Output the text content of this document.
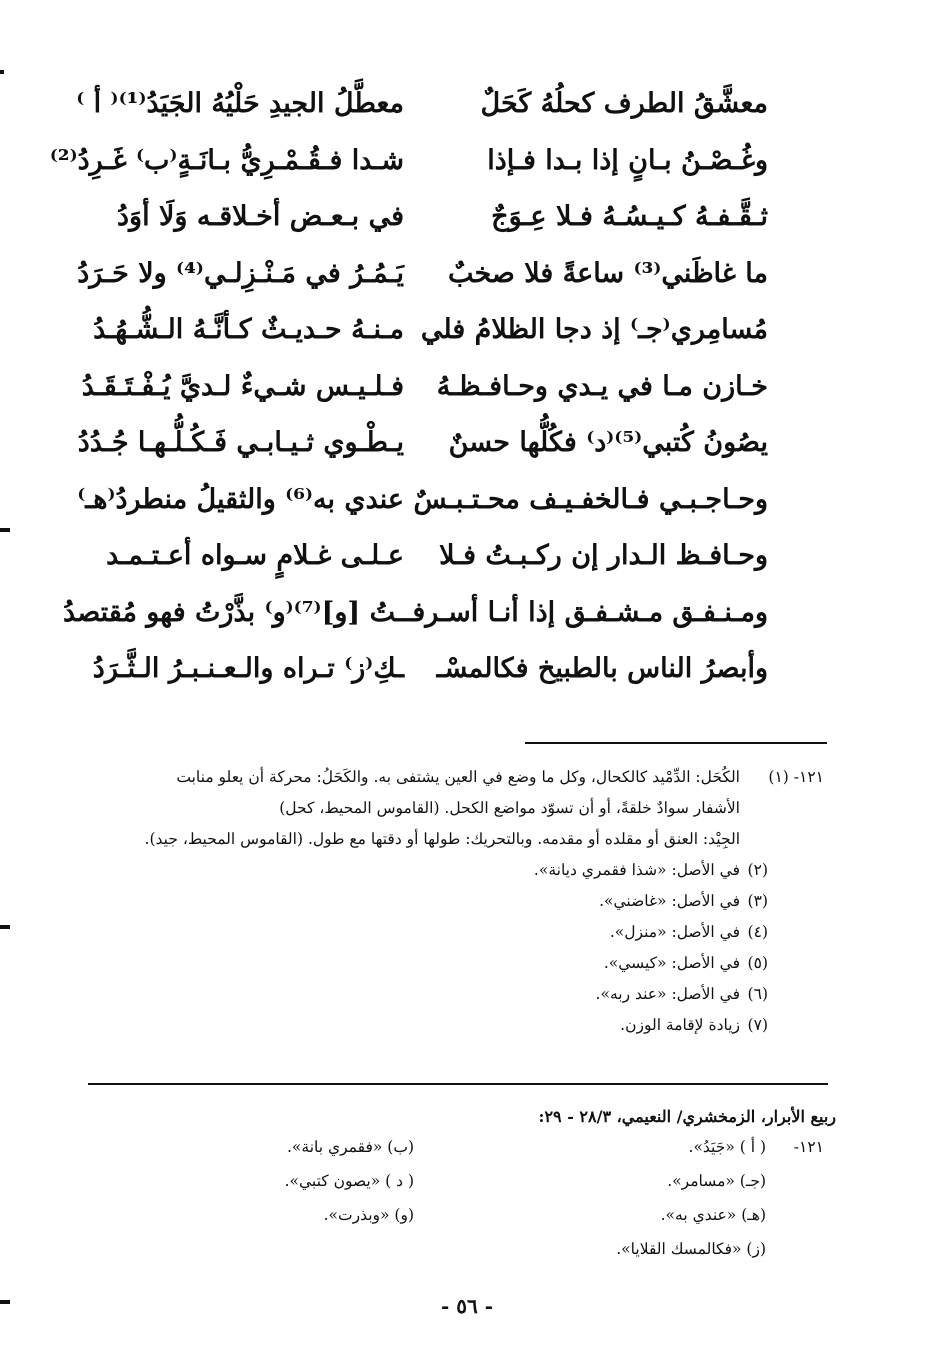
معشَّقُ الطرف كحلُهُ كَحَلٌ
معطَّلُ الجيدِ حَلْيُهُ الجَيَدُ⁽¹⁾⁽ أ ⁾
وغُـصْـنُ بـانٍ إذا بـدا فـإذا
شـدا فـقُـمْـرِيُّ بـانَـةٍ⁽ب⁾ غَـرِدُ⁽²⁾
ثـقَّـفـهُ كـيـسُـهُ فـلا عِـوَجٌ
في بـعـض أخـلاقـه وَلَا أوَدُ
ما غاظَني⁽³⁾ ساعةً فلا صخبٌ
يَـمُـرُ في مَـنْـزِلـي⁽⁴⁾ ولا حَـرَدُ
مُسامِري⁽جـ⁾ إذ دجا الظلامُ فلي
مـنـهُ حـديـثٌ كـأنَّـهُ الـشُّـهُـدُ
خـازن مـا في يـدي وحـافـظـهُ
فـلـيـس شـيءٌ لـديَّ يُـفْـتَـقَـدُ
يصُونُ كُتبي⁽⁵⁾⁽د⁾ فكُلُّها حسنٌ
يـطْـوي ثـيـابـي فَـكُـلُّـهـا جُـدُدُ
وحـاجـبـي فـالخفـيـف محـتـبـسٌ
عندي به⁽⁶⁾ والثقيلُ منطردُ⁽هـ⁾
وحـافـظ الـدار إن ركـبـتُ فـلا
عـلـى غـلامٍ سـواه أعـتـمـد
ومـنـفـق مـشـفـق إذا أنـا أسـرفـ
ـتُ [و]⁽⁷⁾⁽و⁾ بذَّرْتُ فهو مُقتصدُ
وأبصرُ الناس بالطبيخ فكالمسْـ
ـكِ⁽ز⁾ تـراه والـعـنـبـرُ الـثَّـرَدُ
١٢١- (١)
الكُحَل: الدِّمْيد كالكحال، وكل ما وضع في العين يشتفى به. والكَحَلُ: محركة أن يعلو منابت
الأشفار سوادٌ خلقةً، أو أن تسوّد مواضع الكحل. (القاموس المحيط، كحل)
الجِيْد: العنق أو مقلده أو مقدمه. وبالتحريك: طولها أو دقتها مع طول. (القاموس المحيط، جيد).
(٢)
في الأصل: «شذا فقمري ديانة».
(٣)
في الأصل: «غاضني».
(٤)
في الأصل: «منزل».
(٥)
في الأصل: «كيسي».
(٦)
في الأصل: «عند ربه».
(٧)
زيادة لإقامة الوزن.
ربيع الأبرار، الزمخشري/ النعيمي، ٢٨/٣ - ٢٩:
١٢١-
( أ ) «جَيَدُ».
(ب) «فقمري بانة».
(جـ) «مسامر».
( د ) «يصون كتبي».
(هـ) «عندي به».
(و) «وبذرت».
(ز) «فكالمسك القلايا».
- ٥٦ -
